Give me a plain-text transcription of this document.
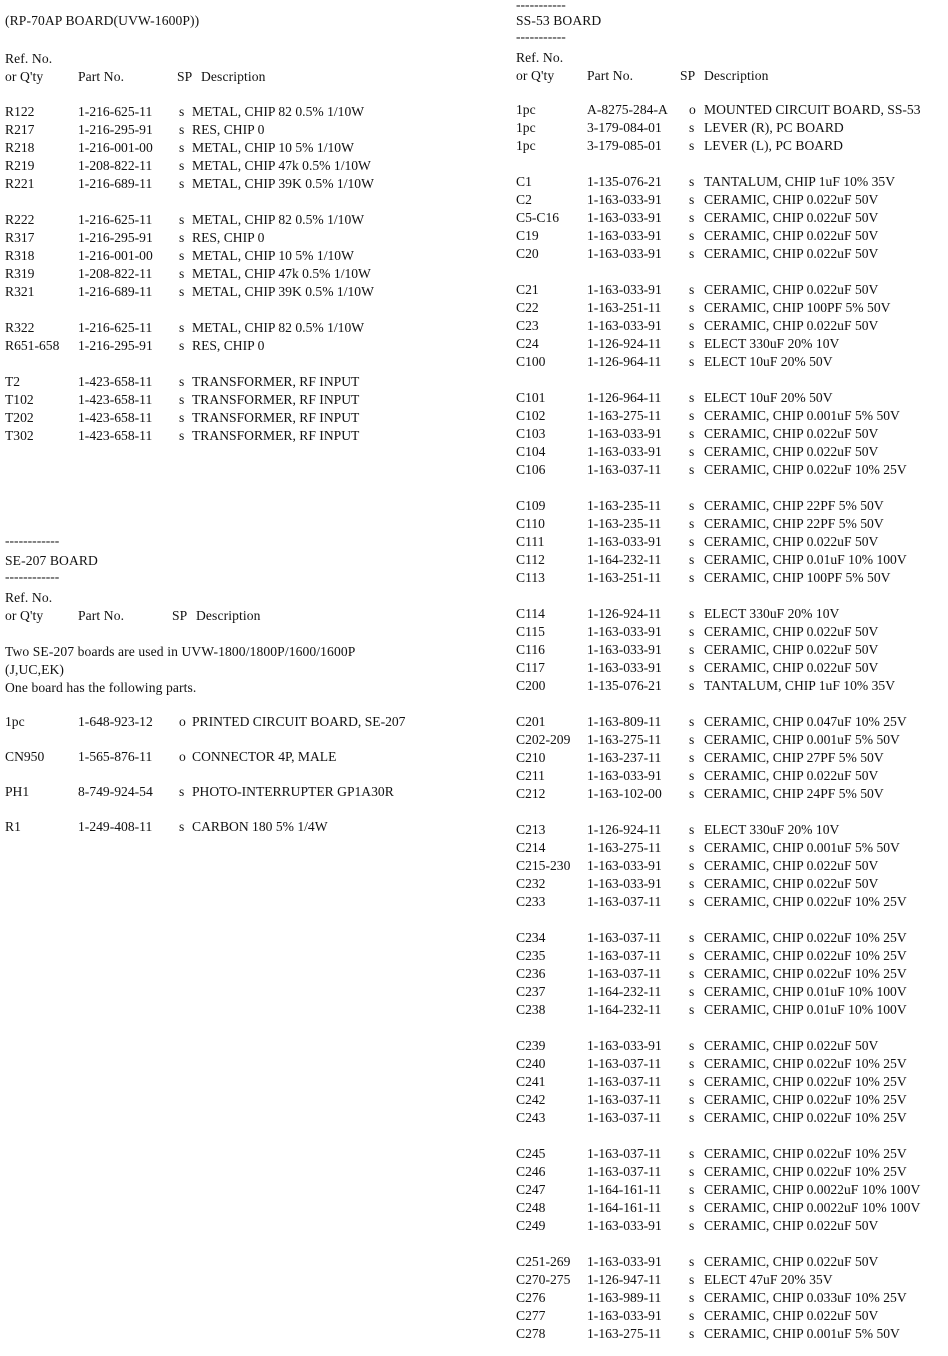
(RP-70AP BOARD(UVW-1600P))
Ref. No.
or Q'ty	Part No.	SP Description
R122	1-216-625-11 s METAL, CHIP 82 0.5% 1/10W
R217	1-216-295-91 s RES, CHIP 0
R218	1-216-001-00 s METAL, CHIP 10 5% 1/10W
R219	1-208-822-11 s METAL, CHIP 47k 0.5% 1/10W
R221	1-216-689-11 s METAL, CHIP 39K 0.5% 1/10W
R222	1-216-625-11 s METAL, CHIP 82 0.5% 1/10W
R317	1-216-295-91 s RES, CHIP 0
R318	1-216-001-00 s METAL, CHIP 10 5% 1/10W
R319	1-208-822-11 s METAL, CHIP 47k 0.5% 1/10W
R321	1-216-689-11 s METAL, CHIP 39K 0.5% 1/10W
R322	1-216-625-11 s METAL, CHIP 82 0.5% 1/10W
R651-658 1-216-295-91 s RES, CHIP 0
T2	1-423-658-11 s TRANSFORMER, RF INPUT
T102	1-423-658-11 s TRANSFORMER, RF INPUT
T202	1-423-658-11 s TRANSFORMER, RF INPUT
T302	1-423-658-11 s TRANSFORMER, RF INPUT
------------
SE-207 BOARD
------------
Ref. No.
or Q'ty	Part No.	SP Description
Two SE-207 boards are used in UVW-1800/1800P/1600/1600P
(J,UC,EK)
One board has the following parts.
1pc	1-648-923-12 o PRINTED CIRCUIT BOARD, SE-207
CN950 1-565-876-11 o CONNECTOR 4P, MALE
PH1	8-749-924-54 s PHOTO-INTERRUPTER GP1A30R
R1	1-249-408-11 s CARBON 180 5% 1/4W
-----------
SS-53 BOARD
-----------
Ref. No.
or Q'ty Part No.	SP Description
1pc	A-8275-284-A o MOUNTED CIRCUIT BOARD, SS-53
1pc	3-179-084-01 s LEVER (R), PC BOARD
1pc	3-179-085-01 s LEVER (L), PC BOARD
C1	1-135-076-21 s TANTALUM, CHIP 1uF 10% 35V
C2	1-163-033-91 s CERAMIC, CHIP 0.022uF 50V
C5-C16 1-163-033-91 s CERAMIC, CHIP 0.022uF 50V
C19	1-163-033-91 s CERAMIC, CHIP 0.022uF 50V
C20	1-163-033-91 s CERAMIC, CHIP 0.022uF 50V
C21	1-163-033-91 s CERAMIC, CHIP 0.022uF 50V
C22	1-163-251-11 s CERAMIC, CHIP 100PF 5% 50V
C23	1-163-033-91 s CERAMIC, CHIP 0.022uF 50V
C24	1-126-924-11 s ELECT 330uF 20% 10V
C100	1-126-964-11 s ELECT 10uF 20% 50V
C101	1-126-964-11 s ELECT 10uF 20% 50V
C102	1-163-275-11 s CERAMIC, CHIP 0.001uF 5% 50V
C103	1-163-033-91 s CERAMIC, CHIP 0.022uF 50V
C104	1-163-033-91 s CERAMIC, CHIP 0.022uF 50V
C106	1-163-037-11 s CERAMIC, CHIP 0.022uF 10% 25V
C109	1-163-235-11 s CERAMIC, CHIP 22PF 5% 50V
C110	1-163-235-11 s CERAMIC, CHIP 22PF 5% 50V
C111	1-163-033-91 s CERAMIC, CHIP 0.022uF 50V
C112	1-164-232-11 s CERAMIC, CHIP 0.01uF 10% 100V
C113	1-163-251-11 s CERAMIC, CHIP 100PF 5% 50V
C114	1-126-924-11 s ELECT 330uF 20% 10V
C115	1-163-033-91 s CERAMIC, CHIP 0.022uF 50V
C116	1-163-033-91 s CERAMIC, CHIP 0.022uF 50V
C117	1-163-033-91 s CERAMIC, CHIP 0.022uF 50V
C200	1-135-076-21 s TANTALUM, CHIP 1uF 10% 35V
C201	1-163-809-11 s CERAMIC, CHIP 0.047uF 10% 25V
C202-209 1-163-275-11 s CERAMIC, CHIP 0.001uF 5% 50V
C210	1-163-237-11 s CERAMIC, CHIP 27PF 5% 50V
C211	1-163-033-91 s CERAMIC, CHIP 0.022uF 50V
C212	1-163-102-00 s CERAMIC, CHIP 24PF 5% 50V
C213	1-126-924-11 s ELECT 330uF 20% 10V
C214	1-163-275-11 s CERAMIC, CHIP 0.001uF 5% 50V
C215-230 1-163-033-91 s CERAMIC, CHIP 0.022uF 50V
C232	1-163-033-91 s CERAMIC, CHIP 0.022uF 50V
C233	1-163-037-11 s CERAMIC, CHIP 0.022uF 10% 25V
C234	1-163-037-11 s CERAMIC, CHIP 0.022uF 10% 25V
C235	1-163-037-11 s CERAMIC, CHIP 0.022uF 10% 25V
C236	1-163-037-11 s CERAMIC, CHIP 0.022uF 10% 25V
C237	1-164-232-11 s CERAMIC, CHIP 0.01uF 10% 100V
C238	1-164-232-11 s CERAMIC, CHIP 0.01uF 10% 100V
C239	1-163-033-91 s CERAMIC, CHIP 0.022uF 50V
C240	1-163-037-11 s CERAMIC, CHIP 0.022uF 10% 25V
C241	1-163-037-11 s CERAMIC, CHIP 0.022uF 10% 25V
C242	1-163-037-11 s CERAMIC, CHIP 0.022uF 10% 25V
C243	1-163-037-11 s CERAMIC, CHIP 0.022uF 10% 25V
C245	1-163-037-11 s CERAMIC, CHIP 0.022uF 10% 25V
C246	1-163-037-11 s CERAMIC, CHIP 0.022uF 10% 25V
C247	1-164-161-11 s CERAMIC, CHIP 0.0022uF 10% 100V
C248	1-164-161-11 s CERAMIC, CHIP 0.0022uF 10% 100V
C249	1-163-033-91 s CERAMIC, CHIP 0.022uF 50V
C251-269 1-163-033-91 s CERAMIC, CHIP 0.022uF 50V
C270-275 1-126-947-11 s ELECT 47uF 20% 35V
C276	1-163-989-11 s CERAMIC, CHIP 0.033uF 10% 25V
C277	1-163-033-91 s CERAMIC, CHIP 0.022uF 50V
C278	1-163-275-11 s CERAMIC, CHIP 0.001uF 5% 50V
